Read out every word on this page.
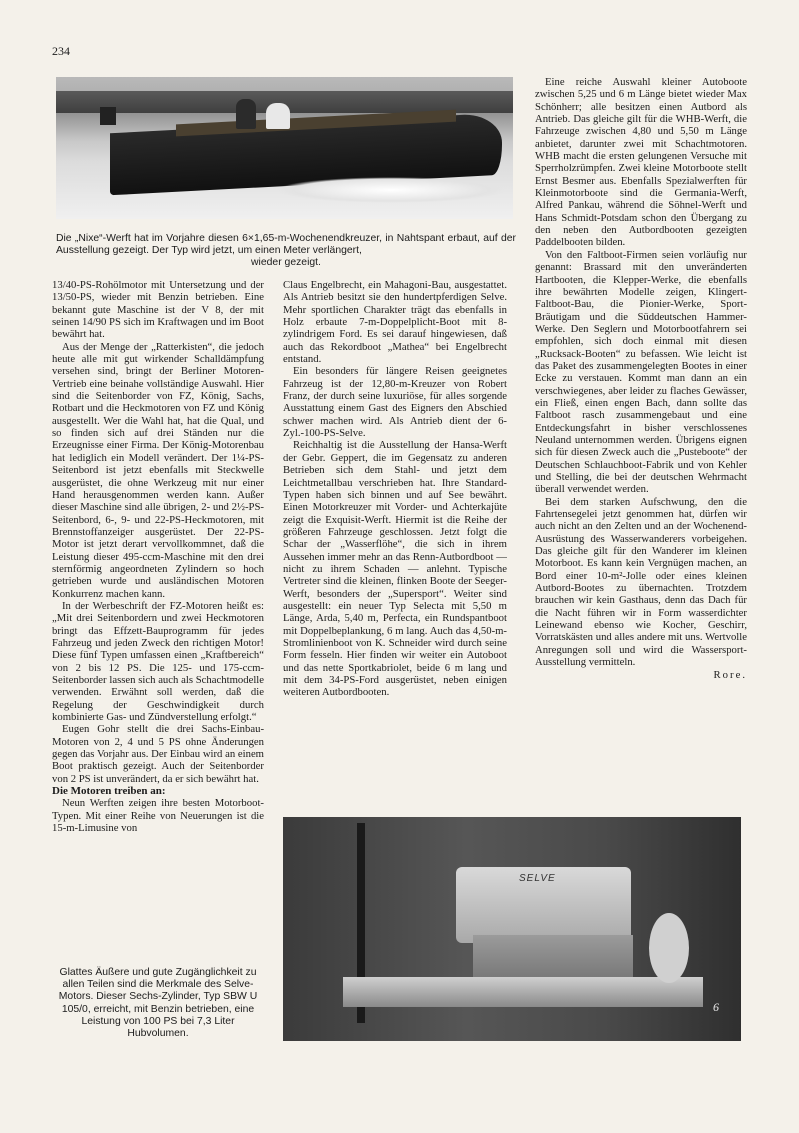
234
Die „Nixe“-Werft hat im Vorjahre diesen 6×1,65-m-Wochenendkreuzer, in Nahtspant erbaut, auf der Ausstellung gezeigt. Der Typ wird jetzt, um einen Meter verlängert,
wieder gezeigt.

13/40-PS-Rohölmotor mit Untersetzung und der 13/50-PS, wieder mit Benzin betrieben. Eine bekannt gute Maschine ist der V 8, der mit seinen 14/90 PS sich im Kraftwagen und im Boot bewährt hat.

Aus der Menge der „Ratterkisten“, die jedoch heute alle mit gut wirkender Schalldämpfung versehen sind, bringt der Berliner Motoren-Vertrieb eine beinahe vollständige Auswahl. Hier sind die Seitenborder von FZ, König, Sachs, Rotbart und die Heckmotoren von FZ und König ausgestellt. Wer die Wahl hat, hat die Qual, und so finden sich auf drei Ständen nur die Erzeugnisse einer Firma. Der König-Motorenbau hat lediglich ein Modell verändert. Der 1¼-PS-Seitenbord ist jetzt ebenfalls mit Steckwelle ausgerüstet, die ohne Werkzeug mit nur einer Hand herausgenommen werden kann. Außer dieser Maschine sind alle übrigen, 2- und 2½-PS-Seitenbord, 6-, 9- und 22-PS-Heckmotoren, mit Brennstoffanzeiger ausgerüstet. Der 22-PS-Motor ist jetzt derart vervollkommnet, daß die Leistung dieser 495-ccm-Maschine mit den drei sternförmig angeordneten Zylindern so hoch getrieben wurde und ausländischen Motoren Konkurrenz machen kann.

In der Werbeschrift der FZ-Motoren heißt es: „Mit drei Seitenbordern und zwei Heckmotoren bringt das Effzett-Bauprogramm für jedes Fahrzeug und jeden Zweck den richtigen Motor! Diese fünf Typen umfassen einen „Kraftbereich“ von 2 bis 12 PS. Die 125- und 175-ccm-Seitenborder lassen sich auch als Schachtmodelle verwenden. Erwähnt soll werden, daß die Regelung der Geschwindigkeit durch kombinierte Gas- und Zündverstellung erfolgt.“

Eugen Gohr stellt die drei Sachs-Einbau-Motoren von 2, 4 und 5 PS ohne Änderungen gegen das Vorjahr aus. Der Einbau wird an einem Boot praktisch gezeigt. Auch der Seitenborder von 2 PS ist unverändert, da er sich bewährt hat.

Die Motoren treiben an:

Neun Werften zeigen ihre besten Motorboot-Typen. Mit einer Reihe von Neuerungen ist die 15-m-Limusine von

Claus Engelbrecht, ein Mahagoni-Bau, ausgestattet. Als Antrieb besitzt sie den hundertpferdigen Selve. Mehr sportlichen Charakter trägt das ebenfalls in Holz erbaute 7-m-Doppelplicht-Boot mit 8-zylindrigem Ford. Es sei darauf hingewiesen, daß auch das Rekordboot „Mathea“ bei Engelbrecht entstand.

Ein besonders für längere Reisen geeignetes Fahrzeug ist der 12,80-m-Kreuzer von Robert Franz, der durch seine luxuriöse, für alles sorgende Ausstattung einem Gast des Eigners den Abschied schwer machen wird. Als Antrieb dient der 6-Zyl.-100-PS-Selve.

Reichhaltig ist die Ausstellung der Hansa-Werft der Gebr. Geppert, die im Gegensatz zu anderen Betrieben sich dem Stahl- und jetzt dem Leichtmetallbau verschrieben hat. Ihre Standard-Typen haben sich binnen und auf See bewährt. Einen Motorkreuzer mit Vorder- und Achterkajüte zeigt die Exquisit-Werft. Hiermit ist die Reihe der größeren Fahrzeuge geschlossen. Jetzt folgt die Schar der „Wasserflöhe“, die sich in ihrem Aussehen immer mehr an das Renn-Autbordboot — nicht zu ihrem Schaden — anlehnt. Typische Vertreter sind die kleinen, flinken Boote der Seeger-Werft, besonders der „Supersport“. Weiter sind ausgestellt: ein neuer Typ Selecta mit 5,50 m Länge, Arda, 5,40 m, Perfecta, ein Rundspantboot mit Doppelbeplankung, 6 m lang. Auch das 4,50-m-Stromlinienboot von K. Schneider wird durch seine Form fesseln. Hier finden wir weiter ein Autoboot und das nette Sportkabriolet, beide 6 m lang und mit dem 34-PS-Ford ausgerüstet, neben einigen weiteren Autbordbooten.

Eine reiche Auswahl kleiner Autoboote zwischen 5,25 und 6 m Länge bietet wieder Max Schönherr; alle besitzen einen Autbord als Antrieb. Das gleiche gilt für die WHB-Werft, die Fahrzeuge zwischen 4,80 und 5,50 m Länge anbietet, darunter zwei mit Schachtmotoren. WHB macht die ersten gelungenen Versuche mit Sperrholzrümpfen. Zwei kleine Motorboote stellt Ernst Besmer aus. Ebenfalls Spezialwerften für Kleinmotorboote sind die Germania-Werft, Alfred Pankau, während die Söhnel-Werft und Hans Schmidt-Potsdam schon den Übergang zu den neben den Autbordbooten gezeigten Paddelbooten bilden.

Von den Faltboot-Firmen seien vorläufig nur genannt: Brassard mit den unveränderten Hartbooten, die Klepper-Werke, die ebenfalls ihre bewährten Modelle zeigen, Klingert-Faltboot-Bau, die Pionier-Werke, Sport-Bräutigam und die Süddeutschen Hammer-Werke. Den Seglern und Motorbootfahrern sei empfohlen, sich doch einmal mit diesen „Rucksack-Booten“ zu befassen. Wie leicht ist das Paket des zusammengelegten Bootes in einer Ecke zu verstauen. Kommt man dann an ein verschwiegenes, aber leider zu flaches Gewässer, ein Fließ, einen engen Bach, dann sollte das Faltboot rasch zusammengebaut und eine Entdeckungsfahrt in bisher verschlossenes Neuland unternommen werden. Übrigens eignen sich für diesen Zweck auch die „Pusteboote“ der Deutschen Schlauchboot-Fabrik und von Kehler und Stelling, die bei der deutschen Wehrmacht überall verwendet werden.

Bei dem starken Aufschwung, den die Fahrtensegelei jetzt genommen hat, dürfen wir auch nicht an den Zelten und an der Wochenend-Ausrüstung des Wasserwanderers vorbeigehen. Das gleiche gilt für den Wanderer im kleinen Motorboot. Es kann kein Vergnügen machen, an Bord einer 10-m²-Jolle oder eines kleinen Autbord-Bootes zu übernachten. Trotzdem brauchen wir kein Gasthaus, denn das Dach für die Nacht führen wir in Form wasserdichter Leinewand ebenso wie Kocher, Geschirr, Vorratskästen und alles andere mit uns. Wertvolle Anregungen soll und wird die Wassersport-Ausstellung vermitteln.

Rore.

SELVE
6
Glattes Äußere und gute Zugänglichkeit zu allen Teilen sind die Merkmale des Selve-Motors. Dieser Sechs-Zylinder, Typ SBW U 105/0, erreicht, mit Benzin betrieben, eine Leistung von 100 PS bei 7,3 Liter Hubvolumen.
